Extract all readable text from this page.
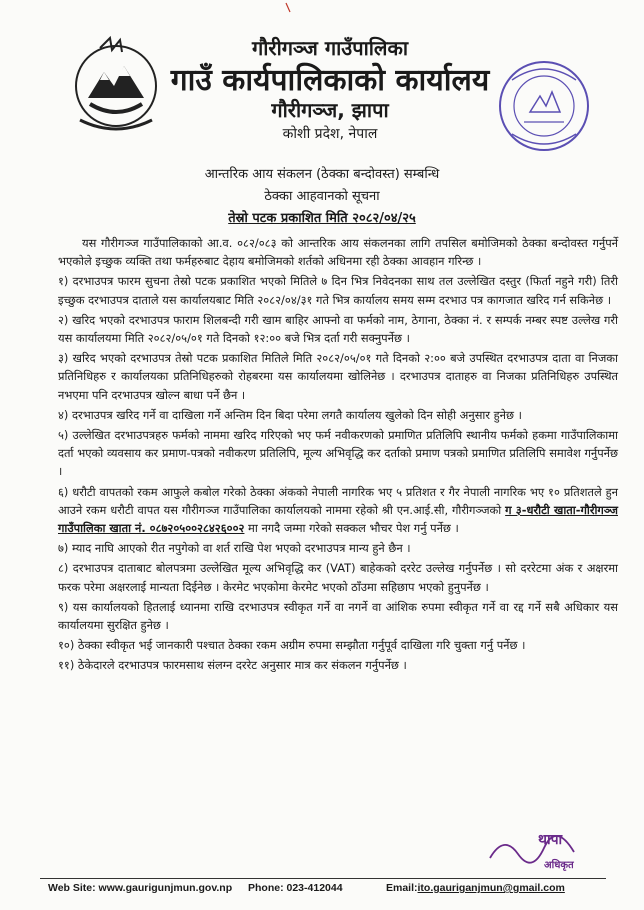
गौरीगञ्ज गाउँपालिका
गाउँ कार्यपालिकाको कार्यालय
गौरीगञ्ज, झापा
कोशी प्रदेश, नेपाल
आन्तरिक आय संकलन (ठेक्का बन्दोवस्त) सम्बन्धि
ठेक्का आहवानको सूचना
तेस्रो पटक प्रकाशित मिति २०८२/०४/२५

यस गौरीगञ्ज गाउँपालिकाको आ.व. ०८२/०८३ को आन्तरिक आय संकलनका लागि तपसिल बमोजिमको ठेक्का बन्दोवस्त गर्नुपर्ने भएकोले इच्छुक व्यक्ति तथा फर्महरुबाट देहाय बमोजिमको शर्तको अधिनमा रही ठेक्का आवहान गरिन्छ ।

१) दरभाउपत्र फारम सुचना तेस्रो पटक प्रकाशित भएको मितिले ७ दिन भित्र निवेदनका साथ तल उल्लेखित दस्तुर (फिर्ता नहुने गरी) तिरी इच्छुक दरभाउपत्र दाताले यस कार्यालयबाट मिति २०८२/०४/३१ गते भित्र कार्यालय समय सम्म दरभाउ पत्र कागजात खरिद गर्न सकिनेछ ।

२) खरिद भएको दरभाउपत्र फाराम शिलबन्दी गरी खाम बाहिर आफ्नो वा फर्मको नाम, ठेगाना, ठेक्का नं. र सम्पर्क नम्बर स्पष्ट उल्लेख गरी यस कार्यालयमा मिति २०८२/०५/०१ गते दिनको १२:०० बजे भित्र दर्ता गरी सक्नुपर्नेछ ।

३) खरिद भएको दरभाउपत्र तेस्रो पटक प्रकाशित मितिले मिति २०८२/०५/०१ गते दिनको २:०० बजे उपस्थित दरभाउपत्र दाता वा निजका प्रतिनिधिहरु र कार्यालयका प्रतिनिधिहरुको रोहबरमा यस कार्यालयमा खोलिनेछ । दरभाउपत्र दाताहरु वा निजका प्रतिनिधिहरु उपस्थित नभएमा पनि दरभाउपत्र खोल्न बाधा पर्ने छैन ।

४) दरभाउपत्र खरिद गर्ने वा दाखिला गर्ने अन्तिम दिन बिदा परेमा लगतै कार्यालय खुलेको दिन सोही अनुसार हुनेछ ।

५) उल्लेखित दरभाउपत्रहरु फर्मको नाममा खरिद गरिएको भए फर्म नवीकरणको प्रमाणित प्रतिलिपि स्थानीय फर्मको हकमा गाउँपालिकामा दर्ता भएको व्यवसाय कर प्रमाण-पत्रको नवीकरण प्रतिलिपि, मूल्य अभिवृद्धि कर दर्ताको प्रमाण पत्रको प्रमाणित प्रतिलिपि समावेश गर्नुपर्नेछ ।

६) धरौटी वापतको रकम आफुले कबोल गरेको ठेक्का अंकको नेपाली नागरिक भए ५ प्रतिशत र गैर नेपाली नागरिक भए १० प्रतिशतले हुन आउने रकम धरौटी वापत यस गौरीगञ्ज गाउँपालिका कार्यालयको नाममा रहेको श्री एन.आई.सी, गौरीगञ्जको ग ३-धरौटी खाता-गौरीगञ्ज गाउँपालिका खाता नं. ०८७२०५००२८४२६००२ मा नगदै जम्मा गरेको सक्कल भौचर पेश गर्नु पर्नेछ ।

७) म्याद नाघि आएको रीत नपुगेको वा शर्त राखि पेश भएको दरभाउपत्र मान्य हुने छैन ।

८) दरभाउपत्र दाताबाट बोलपत्रमा उल्लेखित मूल्य अभिवृद्धि कर (VAT) बाहेकको दररेट उल्लेख गर्नुपर्नेछ । सो दररेटमा अंक र अक्षरमा फरक परेमा अक्षरलाई मान्यता दिईनेछ । केरमेट भएकोमा केरमेट भएको ठाँउमा सहिछाप भएको हुनुपर्नेछ ।

९) यस कार्यालयको हितलाई ध्यानमा राखि दरभाउपत्र स्वीकृत गर्ने वा नगर्ने वा आंशिक रुपमा स्वीकृत गर्ने वा रद्द गर्ने सबै अधिकार यस कार्यालयमा सुरक्षित हुनेछ ।

१०) ठेक्का स्वीकृत भई जानकारी पश्चात ठेक्का रकम अग्रीम रुपमा सम्झौता गर्नुपूर्व दाखिला गरि चुक्ता गर्नु पर्नेछ ।

११) ठेकेदारले दरभाउपत्र फारमसाथ संलग्न दररेट अनुसार मात्र कर संकलन गर्नुपर्नेछ ।

थापा
अधिकृत
Web Site: www.gaurigunjmun.gov.np Phone: 023-412044	Email:ito.gauriganjmun@gmail.com
